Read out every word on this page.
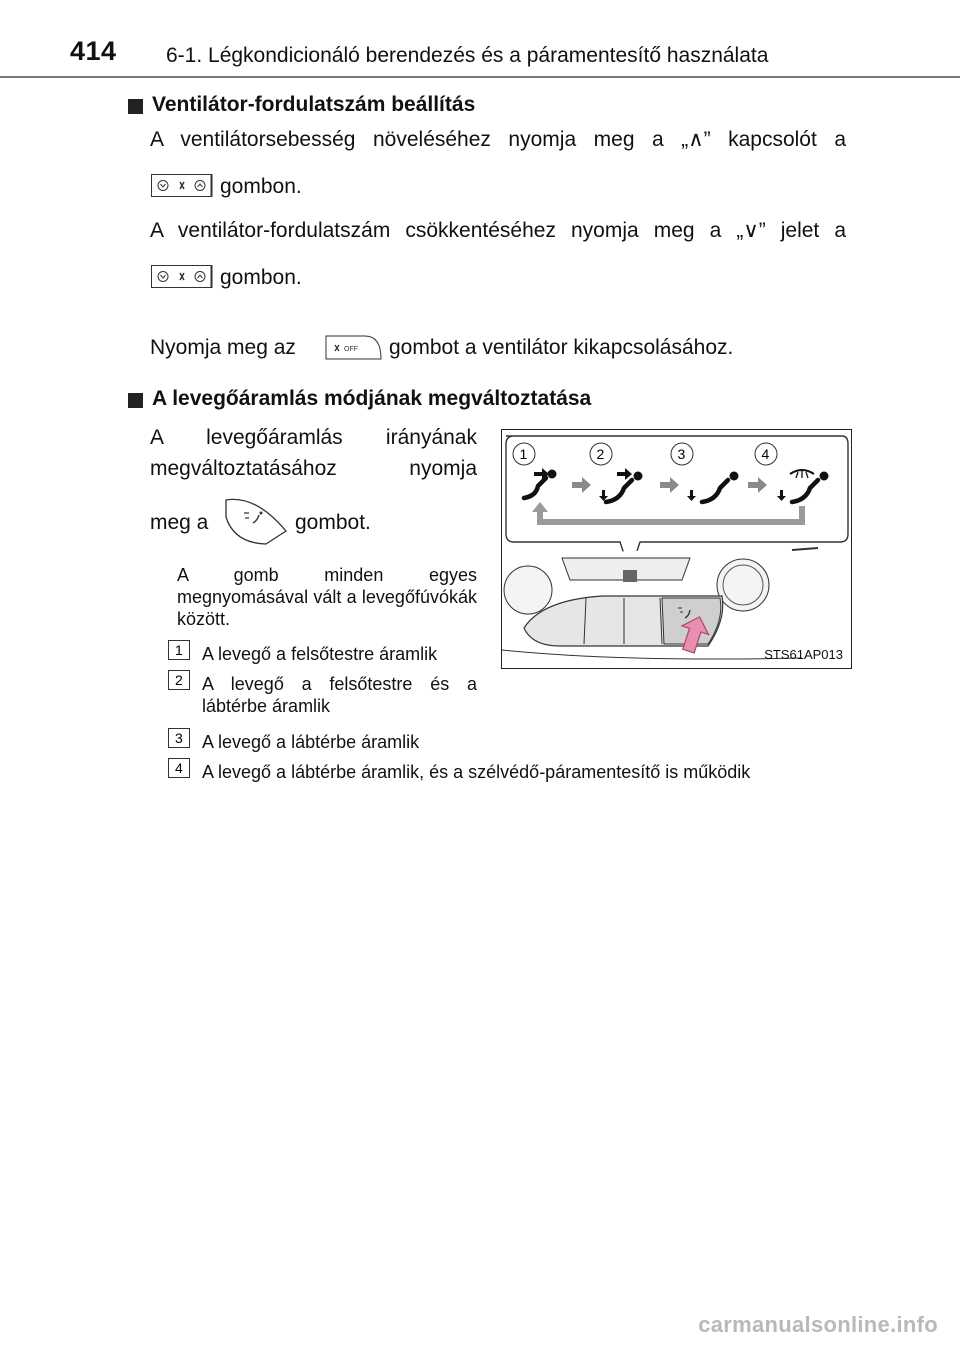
414 6-1. Légkondicionáló berendezés és a páramentesítő használata
Ventilátor-fordulatszám beállítás
A ventilátorsebesség növeléséhez nyomja meg a „∧” kapcsolót a
gombon.
A ventilátor-fordulatszám csökkentéséhez nyomja meg a „∨” jelet a
gombon.
Nyomja meg az	OFF gombot a ventilátor kikapcsolásához.
A levegőáramlás módjának megváltoztatása
A levegőáramlás irányának
megváltoztatásához nyomja
meg a	gombot.
A gomb minden egyes megnyomásával vált a levegőfúvókák között.
1 A levegő a felsőtestre áramlik
2 A levegő a felsőtestre és a lábtérbe áramlik
3 A levegő a lábtérbe áramlik
4 A levegő a lábtérbe áramlik, és a szélvédő-páramentesítő is működik
1	2	3	4
STS61AP013
carmanualsonline.info
